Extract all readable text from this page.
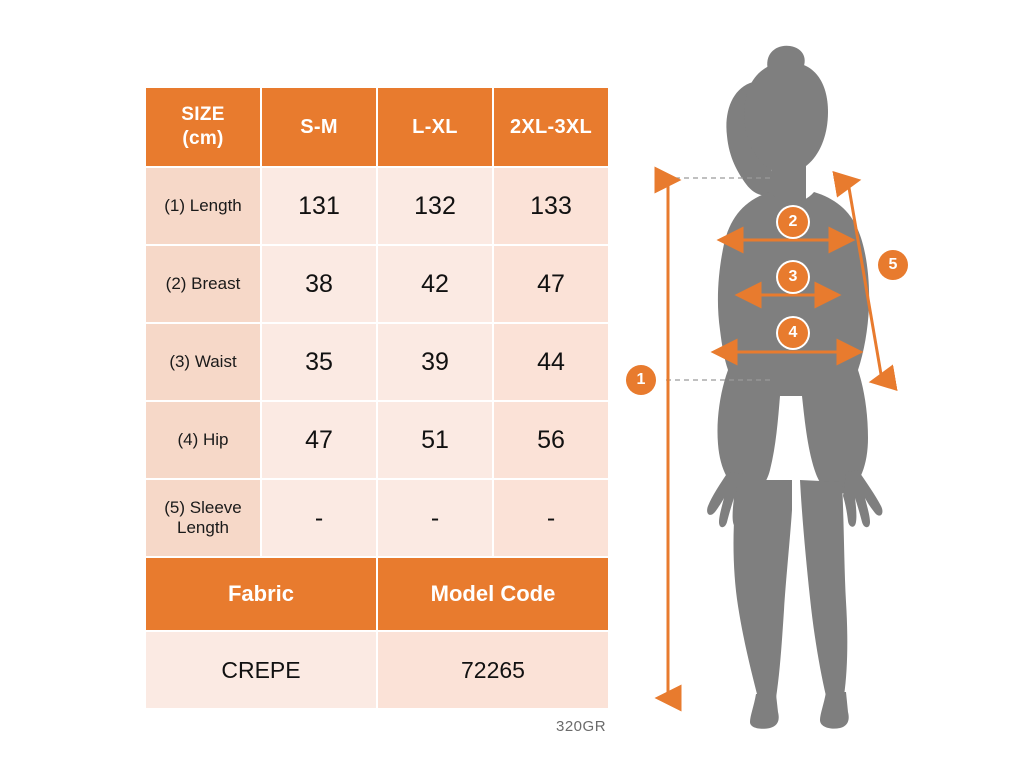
SIZE
(cm)	S-M	L-XL	2XL-3XL
(1) Length	131	132	133
(2) Breast	38	42	47
(3) Waist	35	39	44
(4) Hip	47	51	56
(5) Sleeve Length	-	-	-
Fabric		Model Code	
CREPE		72265	
320GR
1
2
3
4
5
